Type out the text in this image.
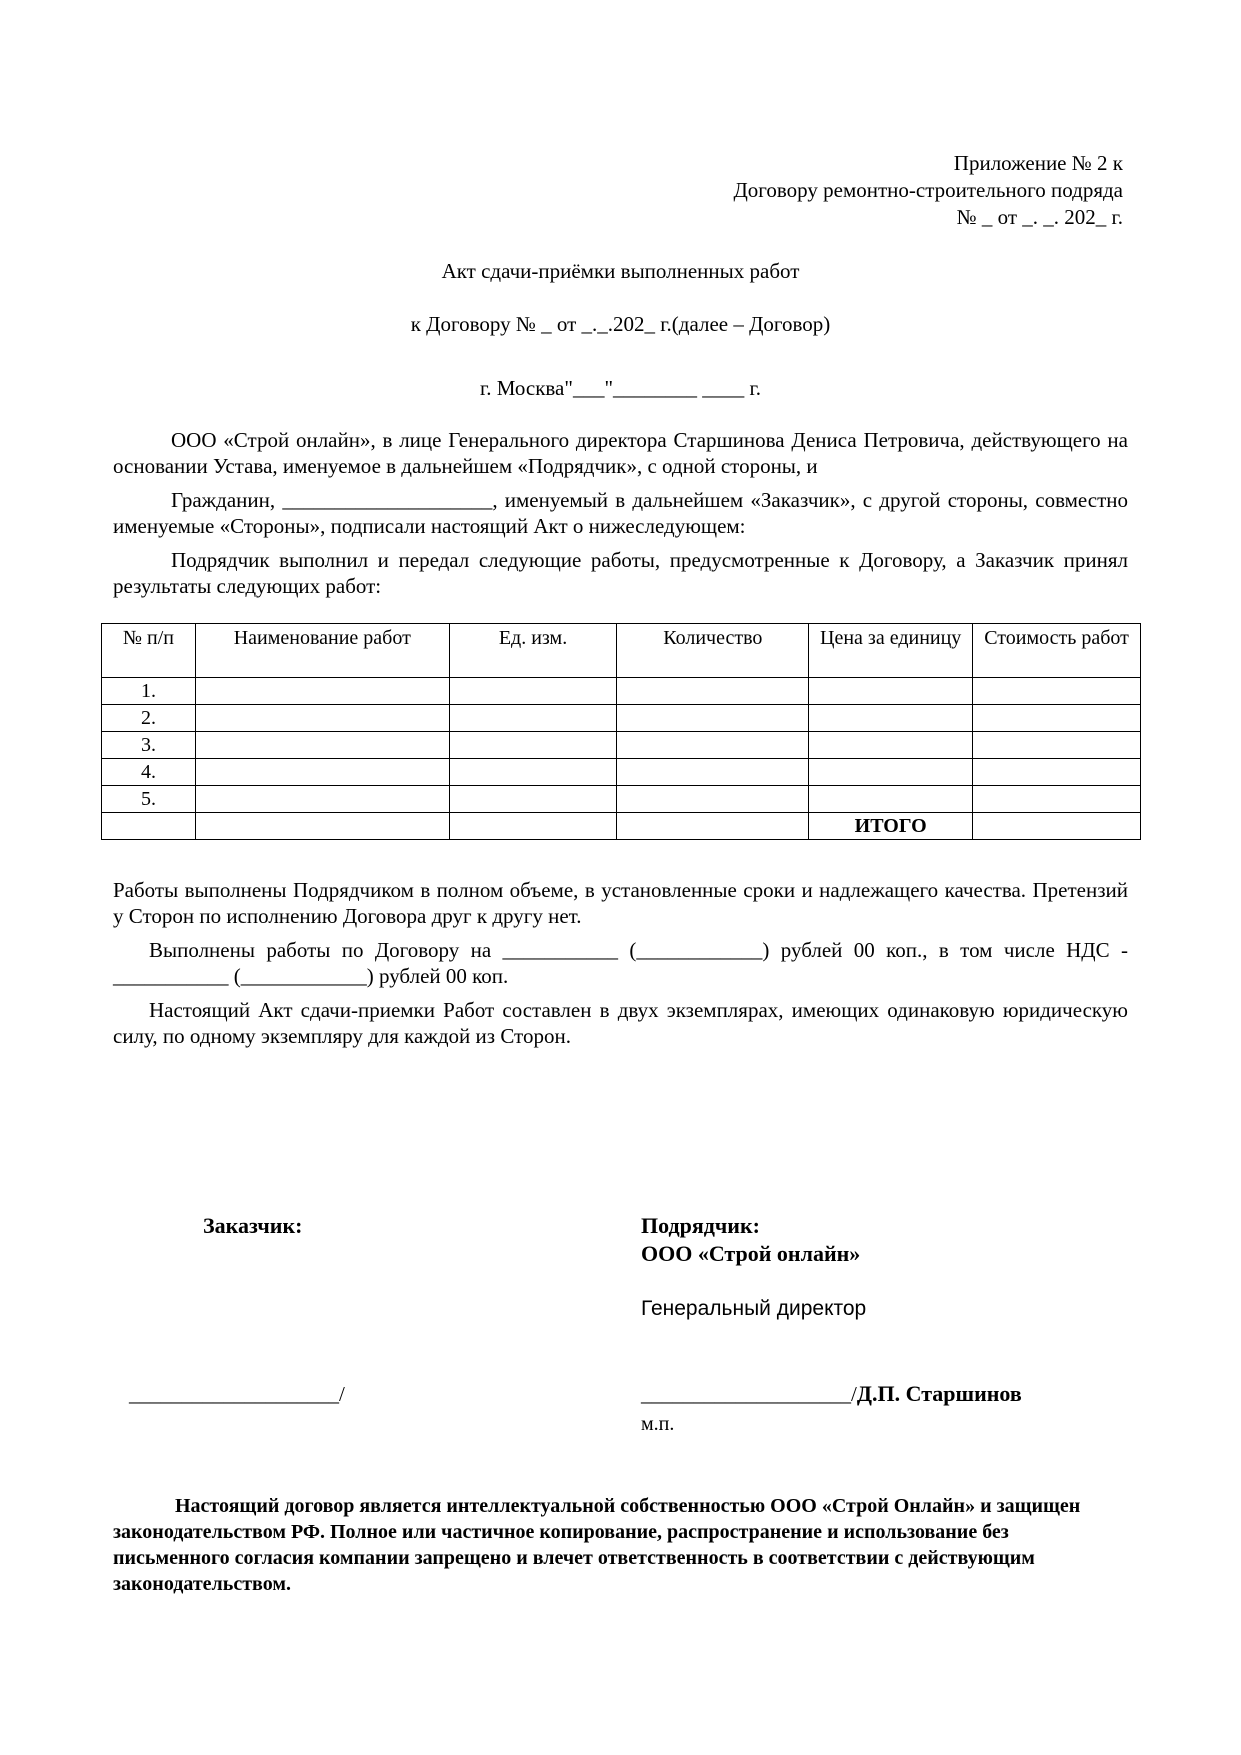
Приложение № 2 к
Договору ремонтно-строительного подряда
№ _ от _. _. 202_ г.
Акт сдачи-приёмки выполненных работ
к Договору № _ от _._.202_ г.(далее – Договор)
г. Москва"___"________ ____ г.

ООО «Строй онлайн», в лице Генерального директора Старшинова Дениса Петровича, действующего на основании Устава, именуемое в дальнейшем «Подрядчик», с одной стороны, и

Гражданин, ____________________, именуемый в дальнейшем «Заказчик», с другой стороны, совместно именуемые «Стороны», подписали настоящий Акт о нижеследующем:

Подрядчик выполнил и передал следующие работы, предусмотренные к Договору, а Заказчик принял результаты следующих работ:

№ п/п	Наименование работ	Ед. изм.	Количество	Цена за единицу	Стоимость работ
1.					
2.					
3.					
4.					
5.					
				ИТОГО	

Работы выполнены Подрядчиком в полном объеме, в установленные сроки и надлежащего качества. Претензий у Сторон по исполнению Договора друг к другу нет.

Выполнены работы по Договору на ___________ (____________) рублей 00 коп., в том числе НДС - ___________ (____________) рублей 00 коп.

Настоящий Акт сдачи-приемки Работ составлен в двух экземплярах, имеющих одинаковую юридическую силу, по одному экземпляру для каждой из Сторон.

Заказчик:	Подрядчик:
ООО «Строй онлайн»
Генеральный директор
____________________/	____________________/Д.П. Старшинов
м.п.

Настоящий договор является интеллектуальной собственностью ООО «Строй Онлайн» и защищен законодательством РФ. Полное или частичное копирование, распространение и использование без письменного согласия компании запрещено и влечет ответственность в соответствии с действующим законодательством.
